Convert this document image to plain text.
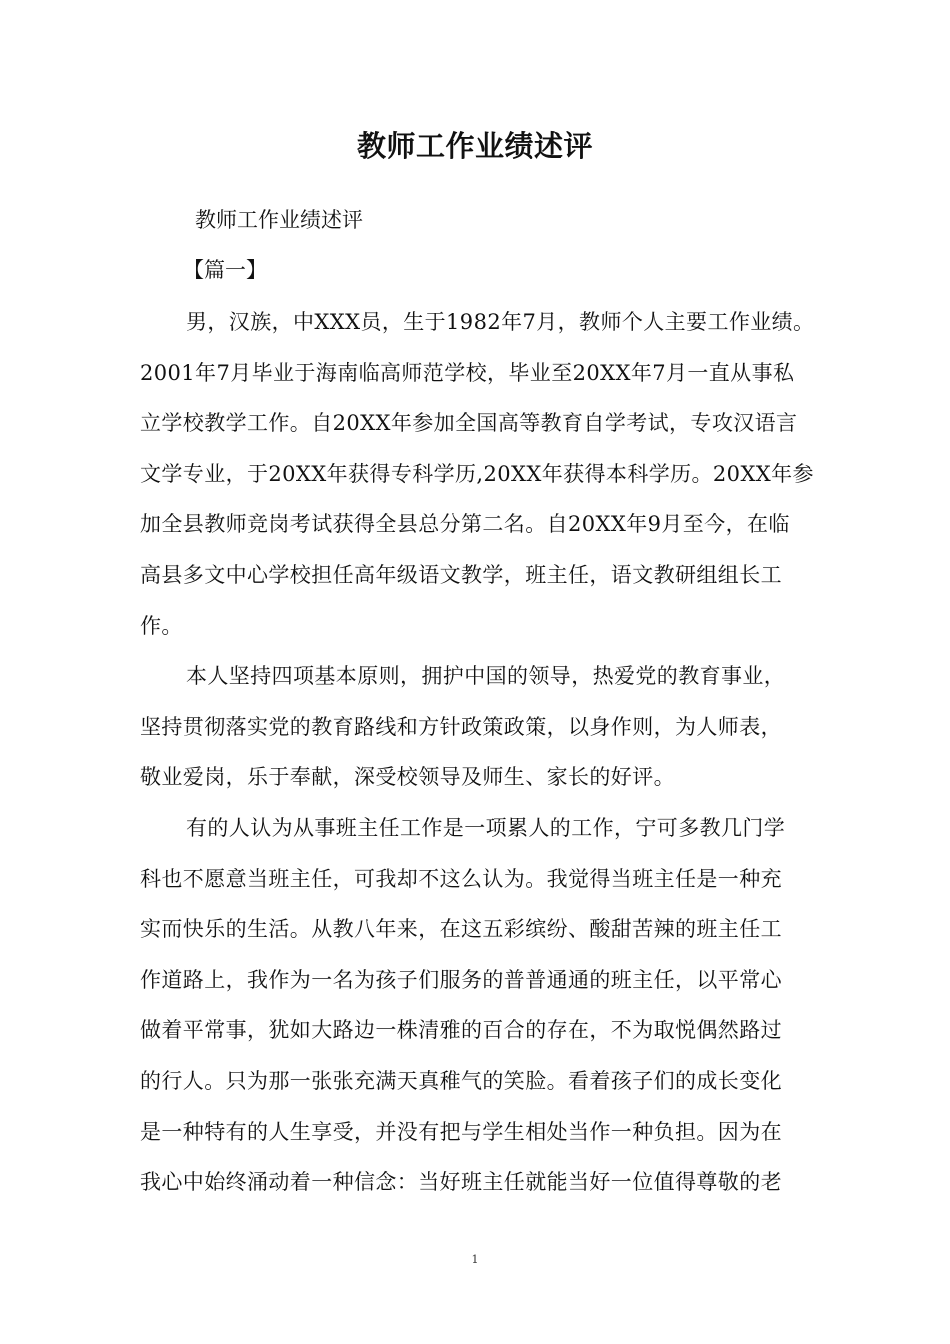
教师工作业绩述评
教师工作业绩述评
【篇一】

男，汉族，中XXX员，生于1982年7月，教师个人主要工作业绩。
2001年7月毕业于海南临高师范学校，毕业至20XX年7月一直从事私
立学校教学工作。自20XX年参加全国高等教育自学考试，专攻汉语言
文学专业，于20XX年获得专科学历,20XX年获得本科学历。20XX年参
加全县教师竞岗考试获得全县总分第二名。自20XX年9月至今，在临
高县多文中心学校担任高年级语文教学，班主任，语文教研组组长工
作。

本人坚持四项基本原则，拥护中国的领导，热爱党的教育事业，
坚持贯彻落实党的教育路线和方针政策政策，以身作则，为人师表，
敬业爱岗，乐于奉献，深受校领导及师生、家长的好评。

有的人认为从事班主任工作是一项累人的工作，宁可多教几门学
科也不愿意当班主任，可我却不这么认为。我觉得当班主任是一种充
实而快乐的生活。从教八年来，在这五彩缤纷、酸甜苦辣的班主任工
作道路上，我作为一名为孩子们服务的普普通通的班主任，以平常心
做着平常事，犹如大路边一株清雅的百合的存在，不为取悦偶然路过
的行人。只为那一张张充满天真稚气的笑脸。看着孩子们的成长变化
是一种特有的人生享受，并没有把与学生相处当作一种负担。因为在
我心中始终涌动着一种信念：当好班主任就能当好一位值得尊敬的老

1
